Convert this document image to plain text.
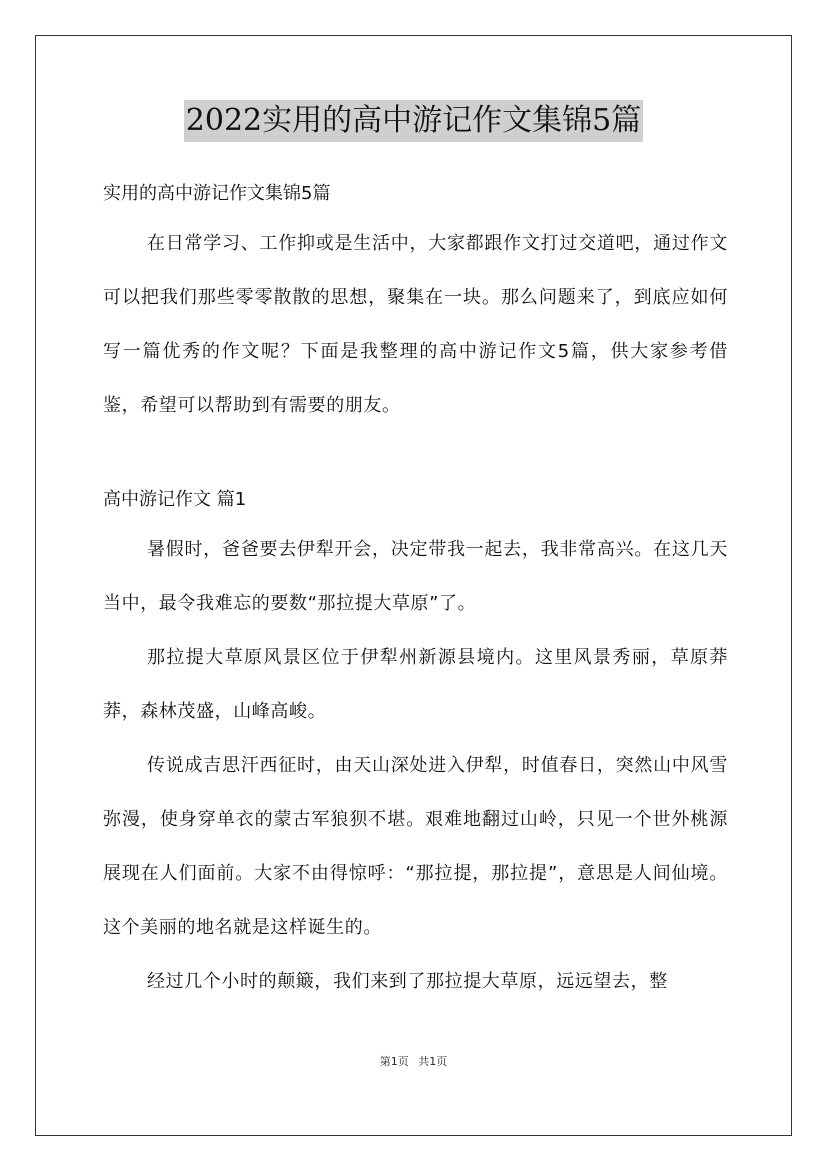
2022实用的高中游记作文集锦5篇
实用的高中游记作文集锦5篇

在日常学习、工作抑或是生活中，大家都跟作文打过交道吧，通过作文可以把我们那些零零散散的思想，聚集在一块。那么问题来了，到底应如何写一篇优秀的作文呢？下面是我整理的高中游记作文5篇，供大家参考借鉴，希望可以帮助到有需要的朋友。

高中游记作文 篇1

暑假时，爸爸要去伊犁开会，决定带我一起去，我非常高兴。在这几天当中，最令我难忘的要数“那拉提大草原”了。

那拉提大草原风景区位于伊犁州新源县境内。这里风景秀丽，草原莽莽，森林茂盛，山峰高峻。

传说成吉思汗西征时，由天山深处进入伊犁，时值春日，突然山中风雪弥漫，使身穿单衣的蒙古军狼狈不堪。艰难地翻过山岭，只见一个世外桃源展现在人们面前。大家不由得惊呼：“那拉提，那拉提”，意思是人间仙境。这个美丽的地名就是这样诞生的。

经过几个小时的颠簸，我们来到了那拉提大草原，远远望去，整

第1页 共1页
